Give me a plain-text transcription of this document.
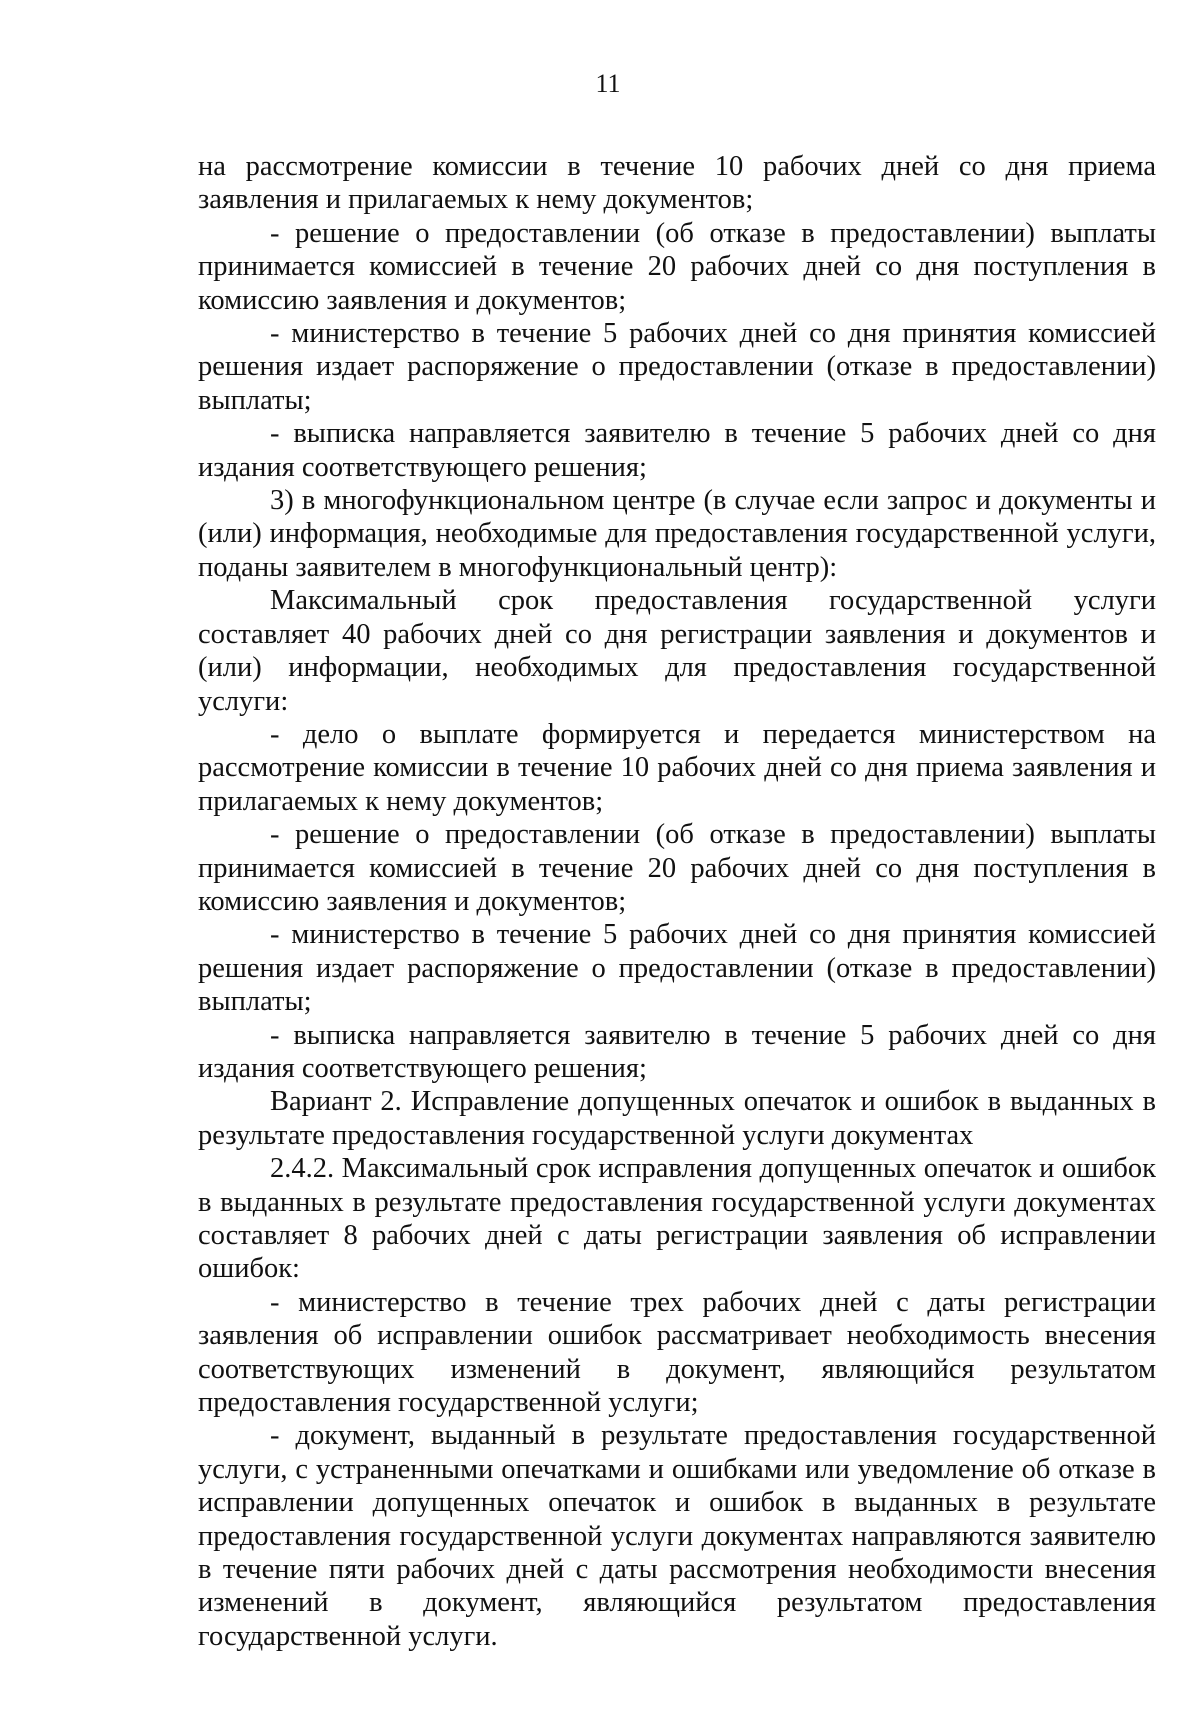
11

на рассмотрение комиссии в течение 10 рабочих дней со дня приема заявления и прилагаемых к нему документов;

- решение о предоставлении (об отказе в предоставлении) выплаты принимается комиссией в течение 20 рабочих дней со дня поступления в комиссию заявления и документов;

- министерство в течение 5 рабочих дней со дня принятия комиссией решения издает распоряжение о предоставлении (отказе в предоставлении) выплаты;

- выписка направляется заявителю в течение 5 рабочих дней со дня издания соответствующего решения;

3) в многофункциональном центре (в случае если запрос и документы и (или) информация, необходимые для предоставления государственной услуги, поданы заявителем в многофункциональный центр):

Максимальный срок предоставления государственной услуги составляет 40 рабочих дней со дня регистрации заявления и документов и (или) информации, необходимых для предоставления государственной услуги:

- дело о выплате формируется и передается министерством на рассмотрение комиссии в течение 10 рабочих дней со дня приема заявления и прилагаемых к нему документов;

- решение о предоставлении (об отказе в предоставлении) выплаты принимается комиссией в течение 20 рабочих дней со дня поступления в комиссию заявления и документов;

- министерство в течение 5 рабочих дней со дня принятия комиссией решения издает распоряжение о предоставлении (отказе в предоставлении) выплаты;

- выписка направляется заявителю в течение 5 рабочих дней со дня издания соответствующего решения;

Вариант 2. Исправление допущенных опечаток и ошибок в выданных в результате предоставления государственной услуги документах

2.4.2. Максимальный срок исправления допущенных опечаток и ошибок в выданных в результате предоставления государственной услуги документах составляет 8 рабочих дней с даты регистрации заявления об исправлении ошибок:

- министерство в течение трех рабочих дней с даты регистрации заявления об исправлении ошибок рассматривает необходимость внесения соответствующих изменений в документ, являющийся результатом предоставления государственной услуги;

- документ, выданный в результате предоставления государственной услуги, с устраненными опечатками и ошибками или уведомление об отказе в исправлении допущенных опечаток и ошибок в выданных в результате предоставления государственной услуги документах направляются заявителю в течение пяти рабочих дней с даты рассмотрения необходимости внесения изменений в документ, являющийся результатом предоставления государственной услуги.
